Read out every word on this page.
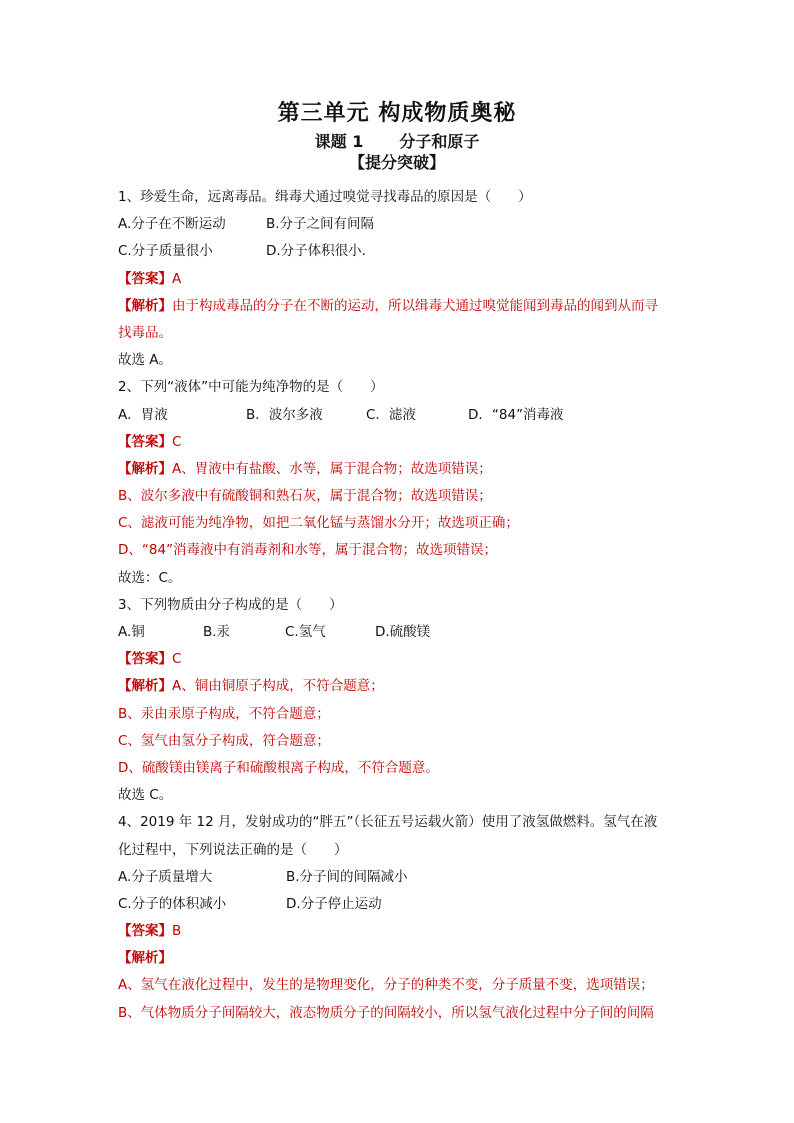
第三单元 构成物质奥秘
课题 1 分子和原子
【提分突破】
1、珍爱生命，远离毒品。缉毒犬通过嗅觉寻找毒品的原因是（　　）
A.分子在不断运动	B.分子之间有间隔
C.分子质量很小	D.分子体积很小.
【答案】A
【解析】由于构成毒品的分子在不断的运动，所以缉毒犬通过嗅觉能闻到毒品的闻到从而寻
找毒品。
故选 A。
2、下列“液体”中可能为纯净物的是（　　）
A．胃液	B．波尔多液	C．滤液	D．“84”消毒液
【答案】C
【解析】A、胃液中有盐酸、水等，属于混合物；故选项错误；
B、波尔多液中有硫酸铜和熟石灰，属于混合物；故选项错误；
C、滤液可能为纯净物，如把二氧化锰与蒸馏水分开；故选项正确；
D、“84”消毒液中有消毒剂和水等，属于混合物；故选项错误；
故选：C。
3、下列物质由分子构成的是（　　）
A.铜	B.汞	C.氢气	D.硫酸镁
【答案】C
【解析】A、铜由铜原子构成，不符合题意；
B、汞由汞原子构成，不符合题意；
C、氢气由氢分子构成，符合题意；
D、硫酸镁由镁离子和硫酸根离子构成，不符合题意。
故选 C。
4、2019 年 12 月，发射成功的“胖五”（长征五号运载火箭）使用了液氢做燃料。氢气在液
化过程中，下列说法正确的是（　　）
A.分子质量增大	B.分子间的间隔减小
C.分子的体积减小	D.分子停止运动
【答案】B
【解析】
A、氢气在液化过程中，发生的是物理变化，分子的种类不变，分子质量不变，选项错误；
B、气体物质分子间隔较大，液态物质分子的间隔较小，所以氢气液化过程中分子间的间隔
